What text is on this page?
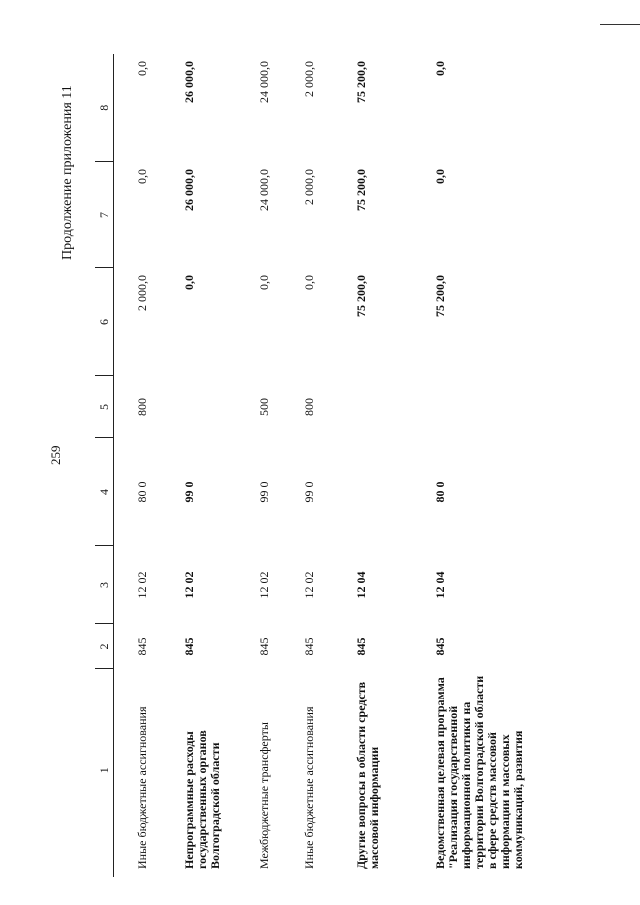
259
Продолжение приложения 11
1	2	3	4	5	6	7	8

Иные бюджетные ассигнования	845	12 02	80 0	800	2 000,0	0,0	0,0
Непрограммные расходы государственных органов Волгоградской области	845	12 02	99 0		0,0	26 000,0	26 000,0
Межбюджетные трансферты	845	12 02	99 0	500	0,0	24 000,0	24 000,0
Иные бюджетные ассигнования	845	12 02	99 0	800	0,0	2 000,0	2 000,0
Другие вопросы в области средств массовой информации	845	12 04			75 200,0	75 200,0	75 200,0
Ведомственная целевая программа "Реализация государственной информационной политики на территории Волгоградской области в сфере средств массовой информации и массовых коммуникаций, развития	845	12 04	80 0		75 200,0	0,0	0,0
